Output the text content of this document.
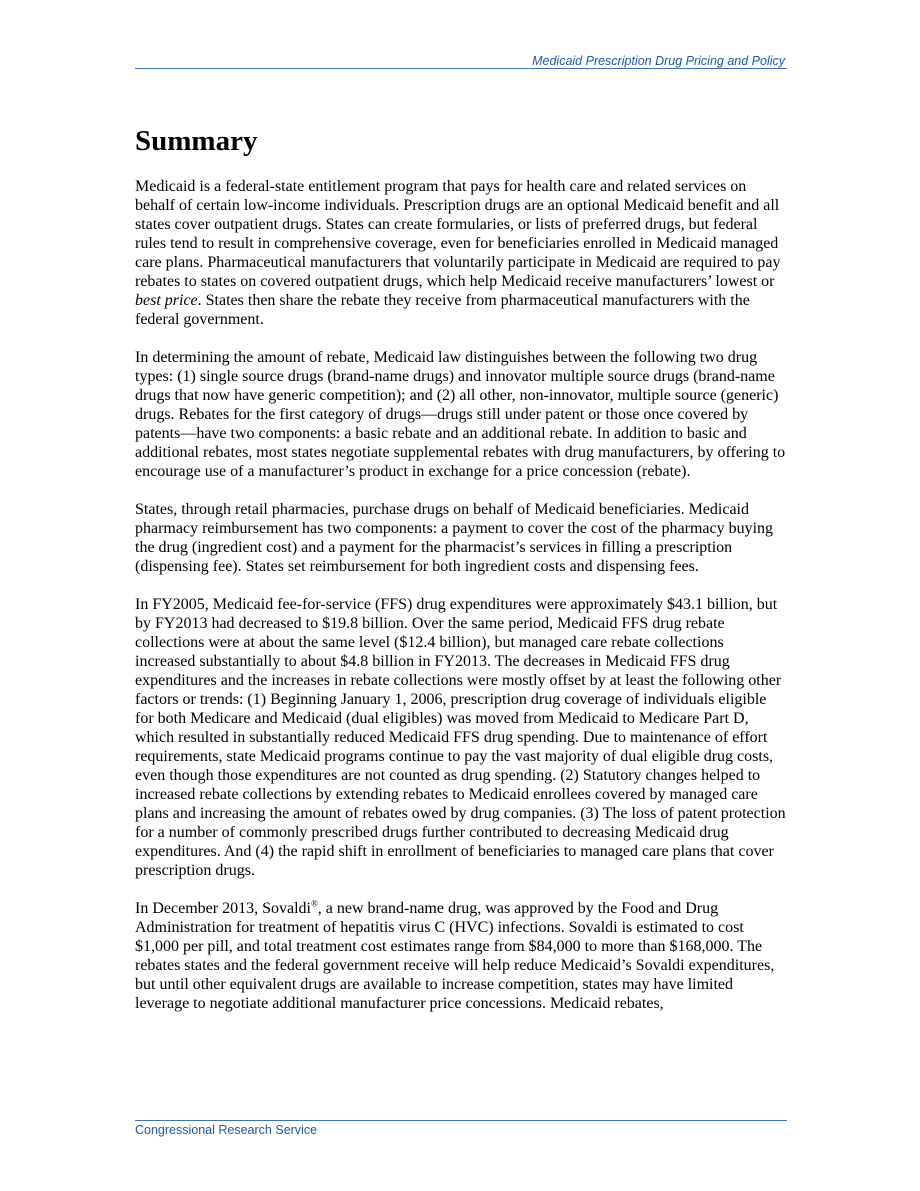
Medicaid Prescription Drug Pricing and Policy
Summary

Medicaid is a federal-state entitlement program that pays for health care and related services on behalf of certain low-income individuals. Prescription drugs are an optional Medicaid benefit and all states cover outpatient drugs. States can create formularies, or lists of preferred drugs, but federal rules tend to result in comprehensive coverage, even for beneficiaries enrolled in Medicaid managed care plans. Pharmaceutical manufacturers that voluntarily participate in Medicaid are required to pay rebates to states on covered outpatient drugs, which help Medicaid receive manufacturers’ lowest or best price. States then share the rebate they receive from pharmaceutical manufacturers with the federal government.

In determining the amount of rebate, Medicaid law distinguishes between the following two drug types: (1) single source drugs (brand-name drugs) and innovator multiple source drugs (brand-name drugs that now have generic competition); and (2) all other, non-innovator, multiple source (generic) drugs. Rebates for the first category of drugs—drugs still under patent or those once covered by patents—have two components: a basic rebate and an additional rebate. In addition to basic and additional rebates, most states negotiate supplemental rebates with drug manufacturers, by offering to encourage use of a manufacturer’s product in exchange for a price concession (rebate).

States, through retail pharmacies, purchase drugs on behalf of Medicaid beneficiaries. Medicaid pharmacy reimbursement has two components: a payment to cover the cost of the pharmacy buying the drug (ingredient cost) and a payment for the pharmacist’s services in filling a prescription (dispensing fee). States set reimbursement for both ingredient costs and dispensing fees.

In FY2005, Medicaid fee-for-service (FFS) drug expenditures were approximately $43.1 billion, but by FY2013 had decreased to $19.8 billion. Over the same period, Medicaid FFS drug rebate collections were at about the same level ($12.4 billion), but managed care rebate collections increased substantially to about $4.8 billion in FY2013. The decreases in Medicaid FFS drug expenditures and the increases in rebate collections were mostly offset by at least the following other factors or trends: (1) Beginning January 1, 2006, prescription drug coverage of individuals eligible for both Medicare and Medicaid (dual eligibles) was moved from Medicaid to Medicare Part D, which resulted in substantially reduced Medicaid FFS drug spending. Due to maintenance of effort requirements, state Medicaid programs continue to pay the vast majority of dual eligible drug costs, even though those expenditures are not counted as drug spending. (2) Statutory changes helped to increased rebate collections by extending rebates to Medicaid enrollees covered by managed care plans and increasing the amount of rebates owed by drug companies. (3) The loss of patent protection for a number of commonly prescribed drugs further contributed to decreasing Medicaid drug expenditures. And (4) the rapid shift in enrollment of beneficiaries to managed care plans that cover prescription drugs.

In December 2013, Sovaldi®, a new brand-name drug, was approved by the Food and Drug Administration for treatment of hepatitis virus C (HVC) infections. Sovaldi is estimated to cost $1,000 per pill, and total treatment cost estimates range from $84,000 to more than $168,000. The rebates states and the federal government receive will help reduce Medicaid’s Sovaldi expenditures, but until other equivalent drugs are available to increase competition, states may have limited leverage to negotiate additional manufacturer price concessions. Medicaid rebates,

Congressional Research Service
